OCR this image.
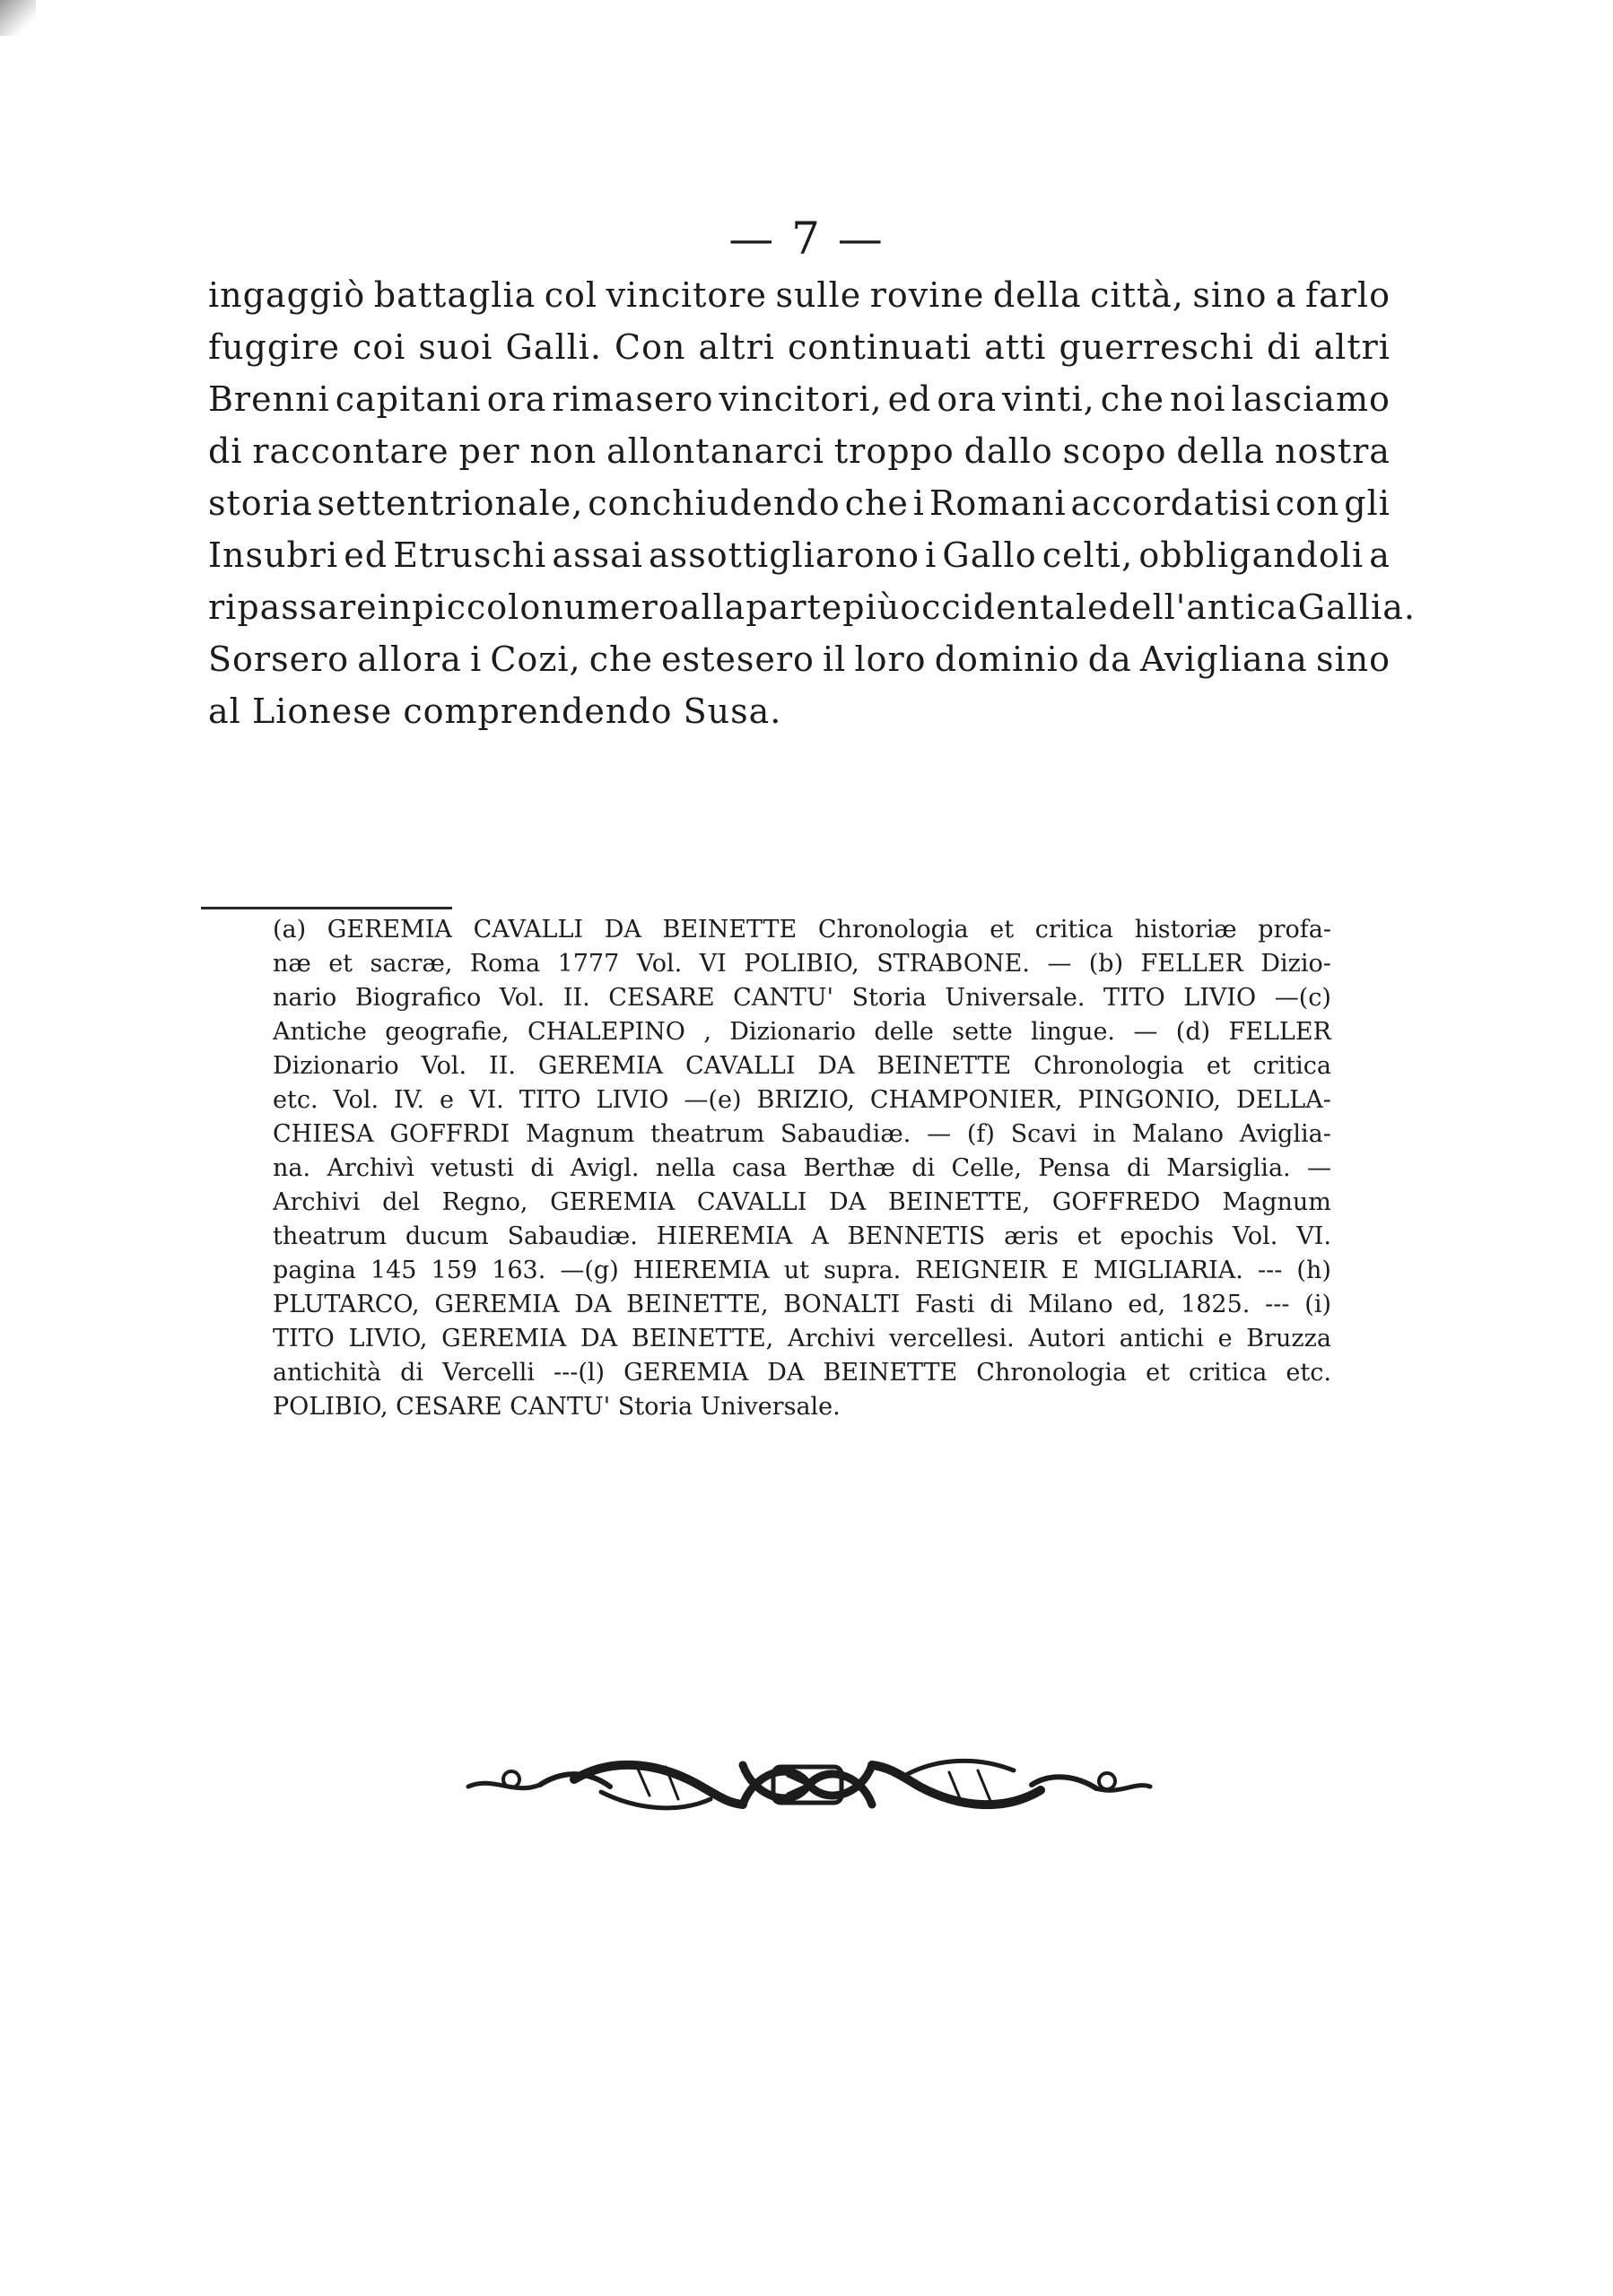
— 7 —
ingaggiò battaglia col vincitore sulle rovine della città, sino a farlo
fuggire coi suoi Galli. Con altri continuati atti guerreschi di altri
Brenni capitani ora rimasero vincitori, ed ora vinti, che noi lasciamo
di raccontare per non allontanarci troppo dallo scopo della nostra
storia settentrionale, conchiudendo che i Romani accordatisi con gli
Insubri ed Etruschi assai assottigliarono i Gallo celti, obbligandoli a
ripassare in piccolo numero alla parte più occidentale dell'antica Gallia.
Sorsero allora i Cozi, che estesero il loro dominio da Avigliana sino
al Lionese comprendendo Susa.
(a) GEREMIA CAVALLI DA BEINETTE Chronologia et critica historiæ profa-
næ et sacræ, Roma 1777 Vol. VI POLIBIO, STRABONE. — (b) FELLER Dizio-
nario Biografico Vol. II. CESARE CANTU' Storia Universale. TITO LIVIO —(c)
Antiche geografie, CHALEPINO , Dizionario delle sette lingue. — (d) FELLER
Dizionario Vol. II. GEREMIA CAVALLI DA BEINETTE Chronologia et critica
etc. Vol. IV. e VI. TITO LIVIO —(e) BRIZIO, CHAMPONIER, PINGONIO, DELLA-
CHIESA GOFFRDI Magnum theatrum Sabaudiæ. — (f) Scavi in Malano Aviglia-
na. Archivì vetusti di Avigl. nella casa Berthæ di Celle, Pensa di Marsiglia. —
Archivi del Regno, GEREMIA CAVALLI DA BEINETTE, GOFFREDO Magnum
theatrum ducum Sabaudiæ. HIEREMIA A BENNETIS æris et epochis Vol. VI.
pagina 145 159 163. —(g) HIEREMIA ut supra. REIGNEIR E MIGLIARIA. --- (h)
PLUTARCO, GEREMIA DA BEINETTE, BONALTI Fasti di Milano ed, 1825. --- (i)
TITO LIVIO, GEREMIA DA BEINETTE, Archivi vercellesi. Autori antichi e Bruzza
antichità di Vercelli ---(l) GEREMIA DA BEINETTE Chronologia et critica etc.
POLIBIO, CESARE CANTU' Storia Universale.
